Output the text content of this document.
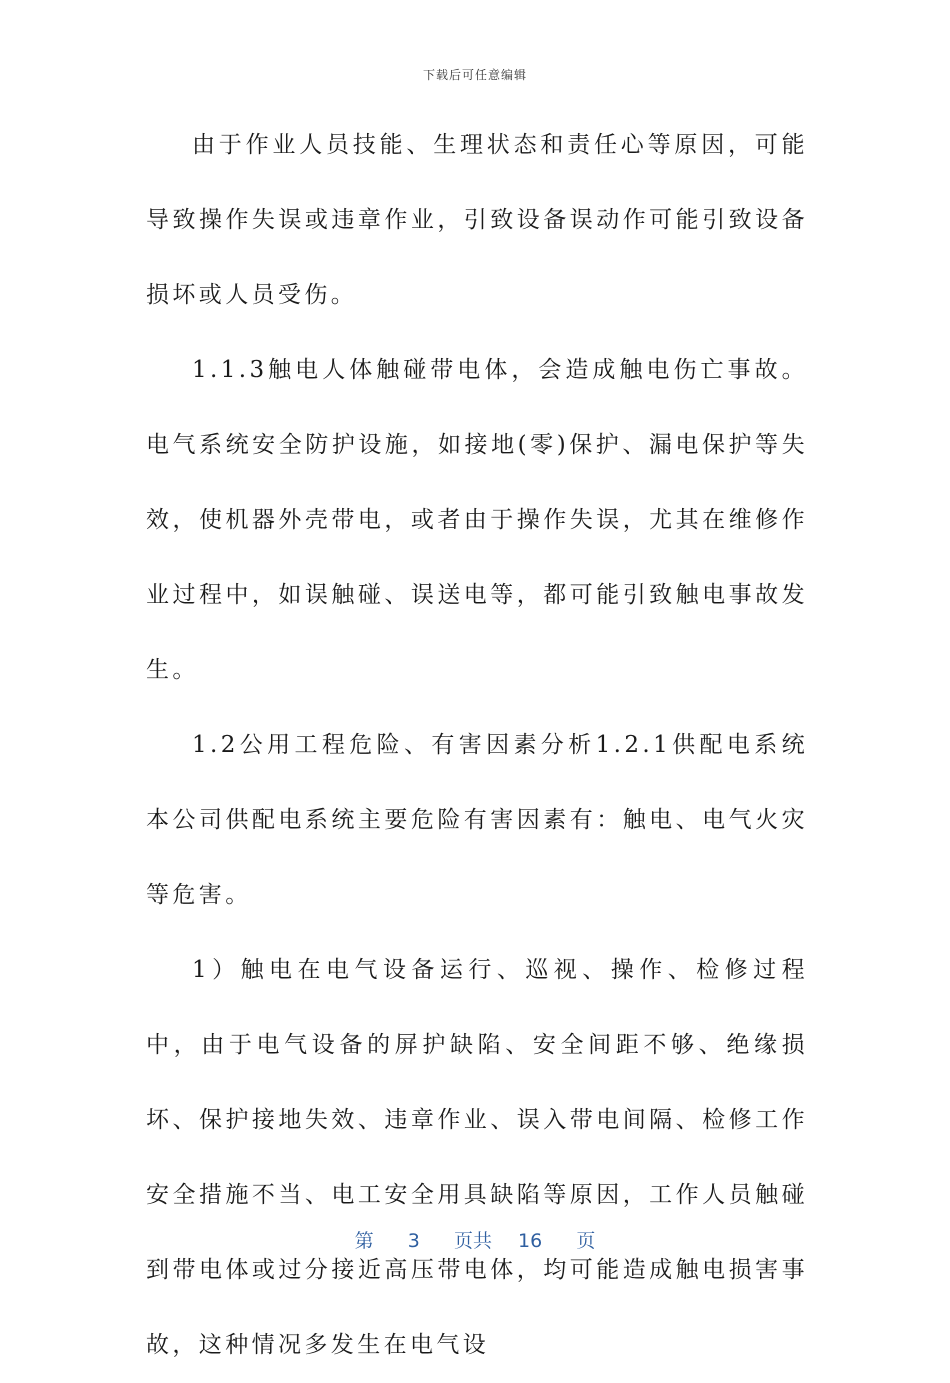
下载后可任意编辑

由于作业人员技能、生理状态和责任心等原因，可能导致操作失误或违章作业，引致设备误动作可能引致设备损坏或人员受伤。

1.1.3触电人体触碰带电体，会造成触电伤亡事故。电气系统安全防护设施，如接地(零)保护、漏电保护等失效，使机器外壳带电，或者由于操作失误，尤其在维修作业过程中，如误触碰、误送电等，都可能引致触电事故发生。

1.2公用工程危险、有害因素分析1.2.1供配电系统本公司供配电系统主要危险有害因素有：触电、电气火灾等危害。

1）触电在电气设备运行、巡视、操作、检修过程中，由于电气设备的屏护缺陷、安全间距不够、绝缘损坏、保护接地失效、违章作业、误入带电间隔、检修工作安全措施不当、电工安全用具缺陷等原因，工作人员触碰到带电体或过分接近高压带电体，均可能造成触电损害事故，这种情况多发生在电气设

第 3 页共 16 页
